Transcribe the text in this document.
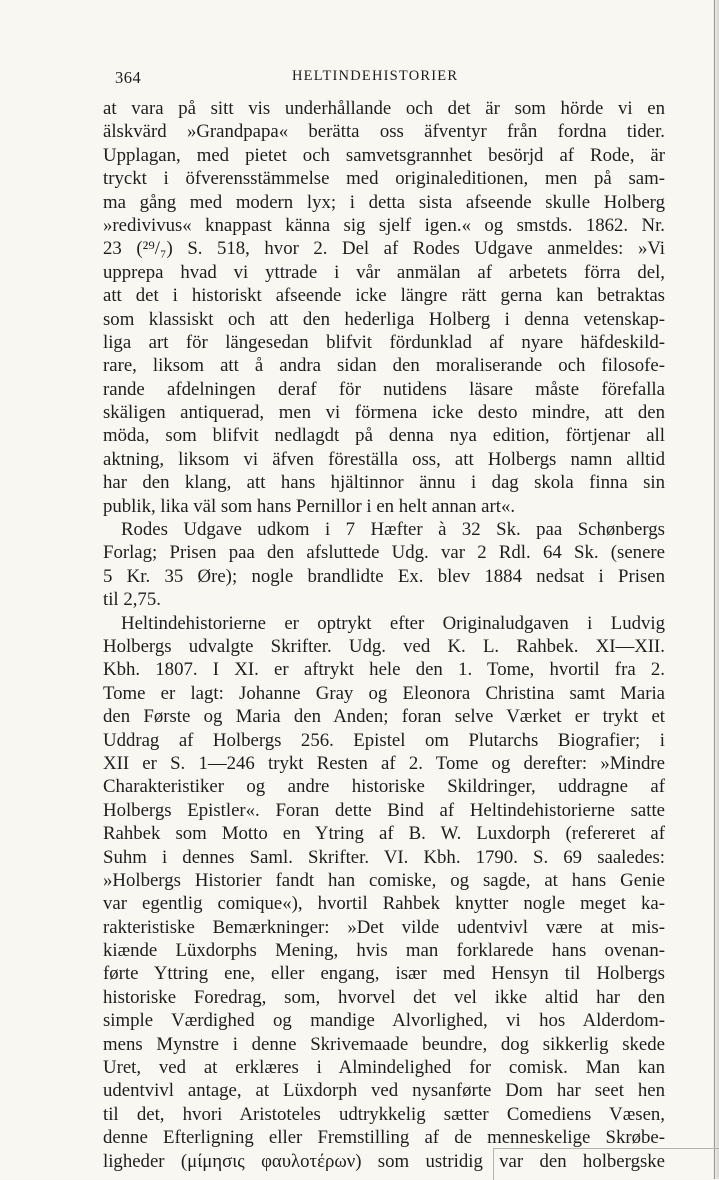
364	HELTINDEHISTORIER
at vara på sitt vis underhållande och det är som hörde vi en
älskvärd »Grandpapa« berätta oss äfventyr från fordna tider.
Upplagan, med pietet och samvetsgrannhet besörjd af Rode, är
tryckt i öfverensstämmelse med originaleditionen, men på sam-
ma gång med modern lyx; i detta sista afseende skulle Holberg
»redivivus« knappast känna sig sjelf igen.« og smstds. 1862. Nr.
23 (²⁹/₇) S. 518, hvor 2. Del af Rodes Udgave anmeldes: »Vi
upprepa hvad vi yttrade i vår anmälan af arbetets förra del,
att det i historiskt afseende icke längre rätt gerna kan betraktas
som klassiskt och att den hederliga Holberg i denna vetenskap-
liga art för längesedan blifvit fördunklad af nyare häfdeskild-
rare, liksom att å andra sidan den moraliserande och filosofe-
rande afdelningen deraf för nutidens läsare måste förefalla
skäligen antiquerad, men vi förmena icke desto mindre, att den
möda, som blifvit nedlagdt på denna nya edition, förtjenar all
aktning, liksom vi äfven föreställa oss, att Holbergs namn alltid
har den klang, att hans hjältinnor ännu i dag skola finna sin
publik, lika väl som hans Pernillor i en helt annan art«.
Rodes Udgave udkom i 7 Hæfter à 32 Sk. paa Schønbergs
Forlag; Prisen paa den afsluttede Udg. var 2 Rdl. 64 Sk. (senere
5 Kr. 35 Øre); nogle brandlidte Ex. blev 1884 nedsat i Prisen
til 2,75.
Heltindehistorierne er optrykt efter Originaludgaven i Ludvig
Holbergs udvalgte Skrifter. Udg. ved K. L. Rahbek. XI—XII.
Kbh. 1807. I XI. er aftrykt hele den 1. Tome, hvortil fra 2.
Tome er lagt: Johanne Gray og Eleonora Christina samt Maria
den Første og Maria den Anden; foran selve Værket er trykt et
Uddrag af Holbergs 256. Epistel om Plutarchs Biografier; i
XII er S. 1—246 trykt Resten af 2. Tome og derefter: »Mindre
Charakteristiker og andre historiske Skildringer, uddragne af
Holbergs Epistler«. Foran dette Bind af Heltindehistorierne satte
Rahbek som Motto en Ytring af B. W. Luxdorph (refereret af
Suhm i dennes Saml. Skrifter. VI. Kbh. 1790. S. 69 saaledes:
»Holbergs Historier fandt han comiske, og sagde, at hans Genie
var egentlig comique«), hvortil Rahbek knytter nogle meget ka-
rakteristiske Bemærkninger: »Det vilde udentvivl være at mis-
kiænde Lüxdorphs Mening, hvis man forklarede hans ovenan-
førte Yttring ene, eller engang, især med Hensyn til Holbergs
historiske Foredrag, som, hvorvel det vel ikke altid har den
simple Værdighed og mandige Alvorlighed, vi hos Alderdom-
mens Mynstre i denne Skrivemaade beundre, dog sikkerlig skede
Uret, ved at erklæres i Almindelighed for comisk. Man kan
udentvivl antage, at Lüxdorph ved nysanførte Dom har seet hen
til det, hvori Aristoteles udtrykkelig sætter Comediens Væsen,
denne Efterligning eller Fremstilling af de menneskelige Skrøbe-
ligheder (μίμησις φαυλοτέρων) som ustridig var den holbergske
